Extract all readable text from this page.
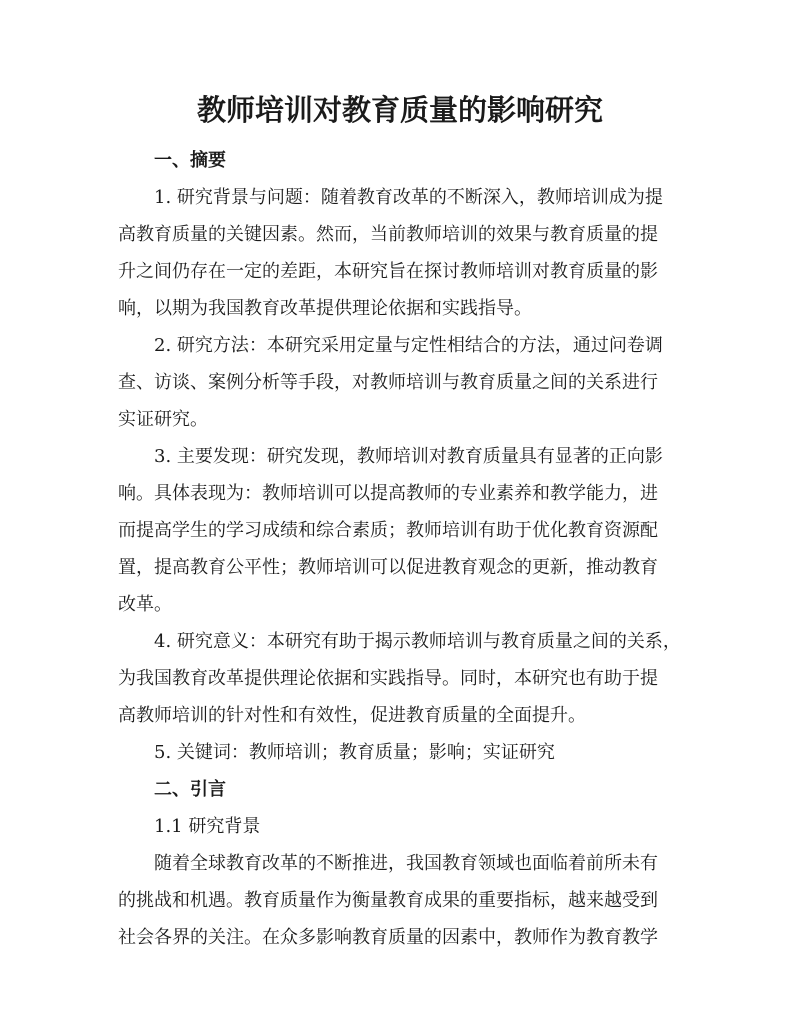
教师培训对教育质量的影响研究
一、摘要
1. 研究背景与问题：随着教育改革的不断深入，教师培训成为提
高教育质量的关键因素。然而，当前教师培训的效果与教育质量的提
升之间仍存在一定的差距，本研究旨在探讨教师培训对教育质量的影
响，以期为我国教育改革提供理论依据和实践指导。
2. 研究方法：本研究采用定量与定性相结合的方法，通过问卷调
查、访谈、案例分析等手段，对教师培训与教育质量之间的关系进行
实证研究。
3. 主要发现：研究发现，教师培训对教育质量具有显著的正向影
响。具体表现为：教师培训可以提高教师的专业素养和教学能力，进
而提高学生的学习成绩和综合素质；教师培训有助于优化教育资源配
置，提高教育公平性；教师培训可以促进教育观念的更新，推动教育
改革。
4. 研究意义：本研究有助于揭示教师培训与教育质量之间的关系，
为我国教育改革提供理论依据和实践指导。同时，本研究也有助于提
高教师培训的针对性和有效性，促进教育质量的全面提升。
5. 关键词：教师培训；教育质量；影响；实证研究
二、引言
1.1 研究背景
随着全球教育改革的不断推进，我国教育领域也面临着前所未有
的挑战和机遇。教育质量作为衡量教育成果的重要指标，越来越受到
社会各界的关注。在众多影响教育质量的因素中，教师作为教育教学
